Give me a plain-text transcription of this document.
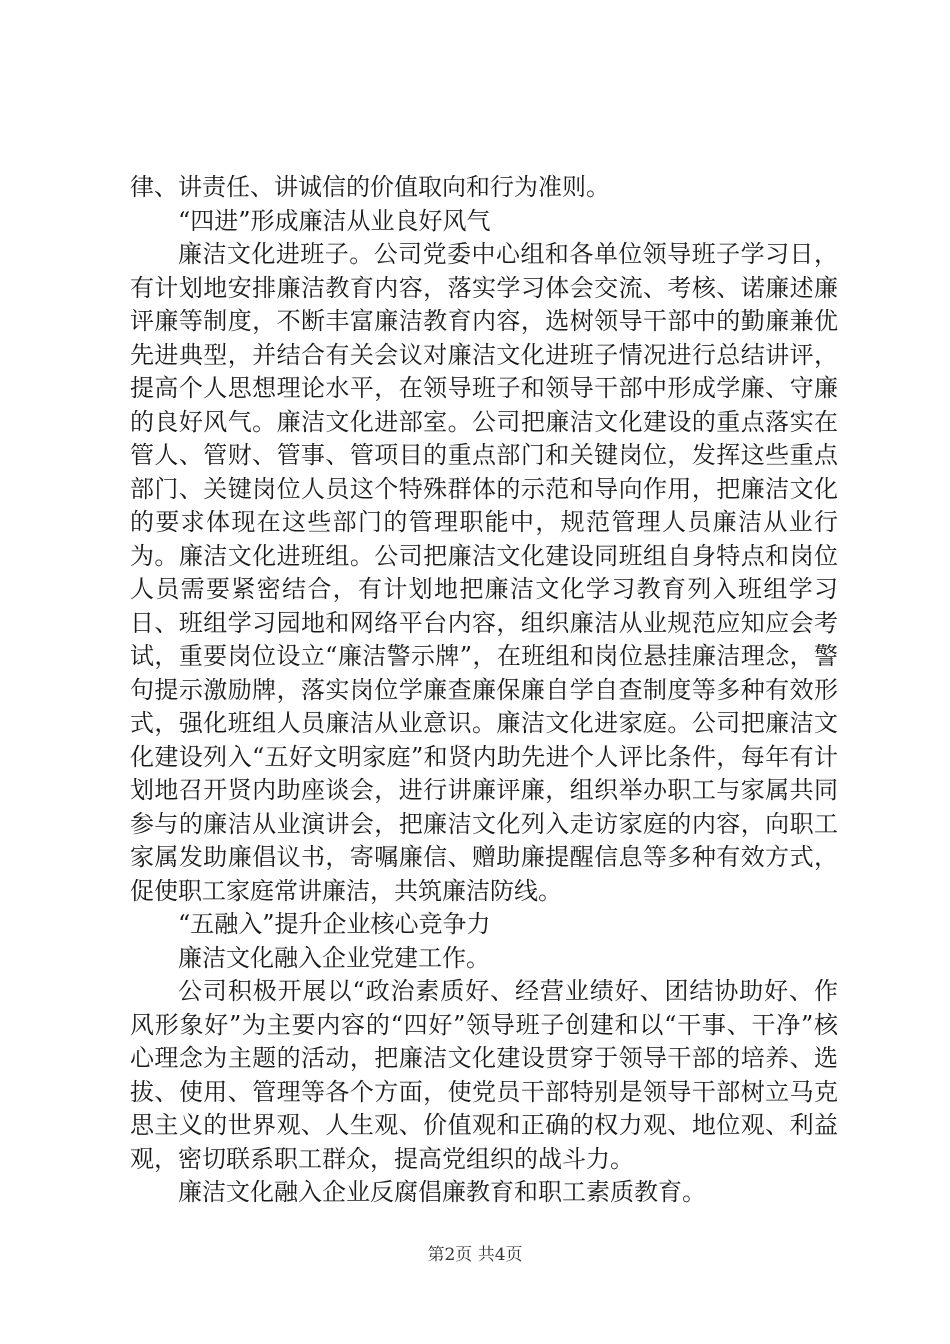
律、讲责任、讲诚信的价值取向和行为准则。

“四进”形成廉洁从业良好风气

廉洁文化进班子。公司党委中心组和各单位领导班子学习日，有计划地安排廉洁教育内容，落实学习体会交流、考核、诺廉述廉评廉等制度，不断丰富廉洁教育内容，选树领导干部中的勤廉兼优先进典型，并结合有关会议对廉洁文化进班子情况进行总结讲评，提高个人思想理论水平，在领导班子和领导干部中形成学廉、守廉的良好风气。廉洁文化进部室。公司把廉洁文化建设的重点落实在管人、管财、管事、管项目的重点部门和关键岗位，发挥这些重点部门、关键岗位人员这个特殊群体的示范和导向作用，把廉洁文化的要求体现在这些部门的管理职能中，规范管理人员廉洁从业行为。廉洁文化进班组。公司把廉洁文化建设同班组自身特点和岗位人员需要紧密结合，有计划地把廉洁文化学习教育列入班组学习日、班组学习园地和网络平台内容，组织廉洁从业规范应知应会考试，重要岗位设立“廉洁警示牌”，在班组和岗位悬挂廉洁理念，警句提示激励牌，落实岗位学廉查廉保廉自学自查制度等多种有效形式，强化班组人员廉洁从业意识。廉洁文化进家庭。公司把廉洁文化建设列入“五好文明家庭”和贤内助先进个人评比条件，每年有计划地召开贤内助座谈会，进行讲廉评廉，组织举办职工与家属共同参与的廉洁从业演讲会，把廉洁文化列入走访家庭的内容，向职工家属发助廉倡议书，寄嘱廉信、赠助廉提醒信息等多种有效方式，促使职工家庭常讲廉洁，共筑廉洁防线。

“五融入”提升企业核心竞争力

廉洁文化融入企业党建工作。

公司积极开展以“政治素质好、经营业绩好、团结协助好、作风形象好”为主要内容的“四好”领导班子创建和以“干事、干净”核心理念为主题的活动，把廉洁文化建设贯穿于领导干部的培养、选拔、使用、管理等各个方面，使党员干部特别是领导干部树立马克思主义的世界观、人生观、价值观和正确的权力观、地位观、利益观，密切联系职工群众，提高党组织的战斗力。

廉洁文化融入企业反腐倡廉教育和职工素质教育。

第2页 共4页
